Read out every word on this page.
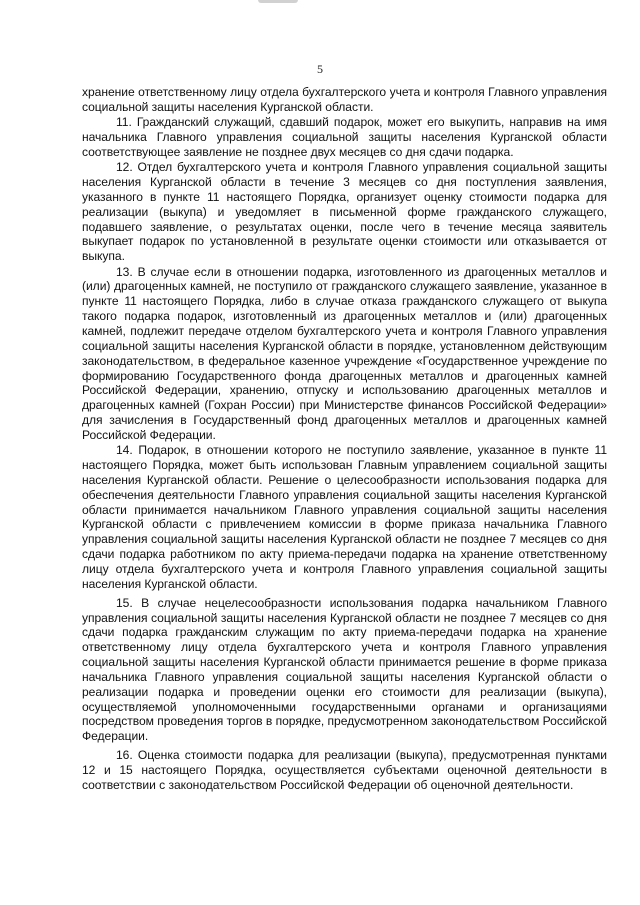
5

хранение ответственному лицу отдела бухгалтерского учета и контроля Главного управления социальной защиты населения Курганской области.

11. Гражданский служащий, сдавший подарок, может его выкупить, направив на имя начальника Главного управления социальной защиты населения Курганской области соответствующее заявление не позднее двух месяцев со дня сдачи подарка.

12. Отдел бухгалтерского учета и контроля Главного управления социальной защиты населения Курганской области в течение 3 месяцев со дня поступления заявления, указанного в пункте 11 настоящего Порядка, организует оценку стоимости подарка для реализации (выкупа) и уведомляет в письменной форме гражданского служащего, подавшего заявление, о результатах оценки, после чего в течение месяца заявитель выкупает подарок по установленной в результате оценки стоимости или отказывается от выкупа.

13. В случае если в отношении подарка, изготовленного из драгоценных металлов и (или) драгоценных камней, не поступило от гражданского служащего заявление, указанное в пункте 11 настоящего Порядка, либо в случае отказа гражданского служащего от выкупа такого подарка подарок, изготовленный из драгоценных металлов и (или) драгоценных камней, подлежит передаче отделом бухгалтерского учета и контроля Главного управления социальной защиты населения Курганской области в порядке, установленном действующим законодательством, в федеральное казенное учреждение «Государственное учреждение по формированию Государственного фонда драгоценных металлов и драгоценных камней Российской Федерации, хранению, отпуску и использованию драгоценных металлов и драгоценных камней (Гохран России) при Министерстве финансов Российской Федерации» для зачисления в Государственный фонд драгоценных металлов и драгоценных камней Российской Федерации.

14. Подарок, в отношении которого не поступило заявление, указанное в пункте 11 настоящего Порядка, может быть использован Главным управлением социальной защиты населения Курганской области. Решение о целесообразности использования подарка для обеспечения деятельности Главного управления социальной защиты населения Курганской области принимается начальником Главного управления социальной защиты населения Курганской области с привлечением комиссии в форме приказа начальника Главного управления социальной защиты населения Курганской области не позднее 7 месяцев со дня сдачи подарка работником по акту приема-передачи подарка на хранение ответственному лицу отдела бухгалтерского учета и контроля Главного управления социальной защиты населения Курганской области.

15. В случае нецелесообразности использования подарка начальником Главного управления социальной защиты населения Курганской области не позднее 7 месяцев со дня сдачи подарка гражданским служащим по акту приема-передачи подарка на хранение ответственному лицу отдела бухгалтерского учета и контроля Главного управления социальной защиты населения Курганской области принимается решение в форме приказа начальника Главного управления социальной защиты населения Курганской области о реализации подарка и проведении оценки его стоимости для реализации (выкупа), осуществляемой уполномоченными государственными органами и организациями посредством проведения торгов в порядке, предусмотренном законодательством Российской Федерации.

16. Оценка стоимости подарка для реализации (выкупа), предусмотренная пунктами 12 и 15 настоящего Порядка, осуществляется субъектами оценочной деятельности в соответствии с законодательством Российской Федерации об оценочной деятельности.
